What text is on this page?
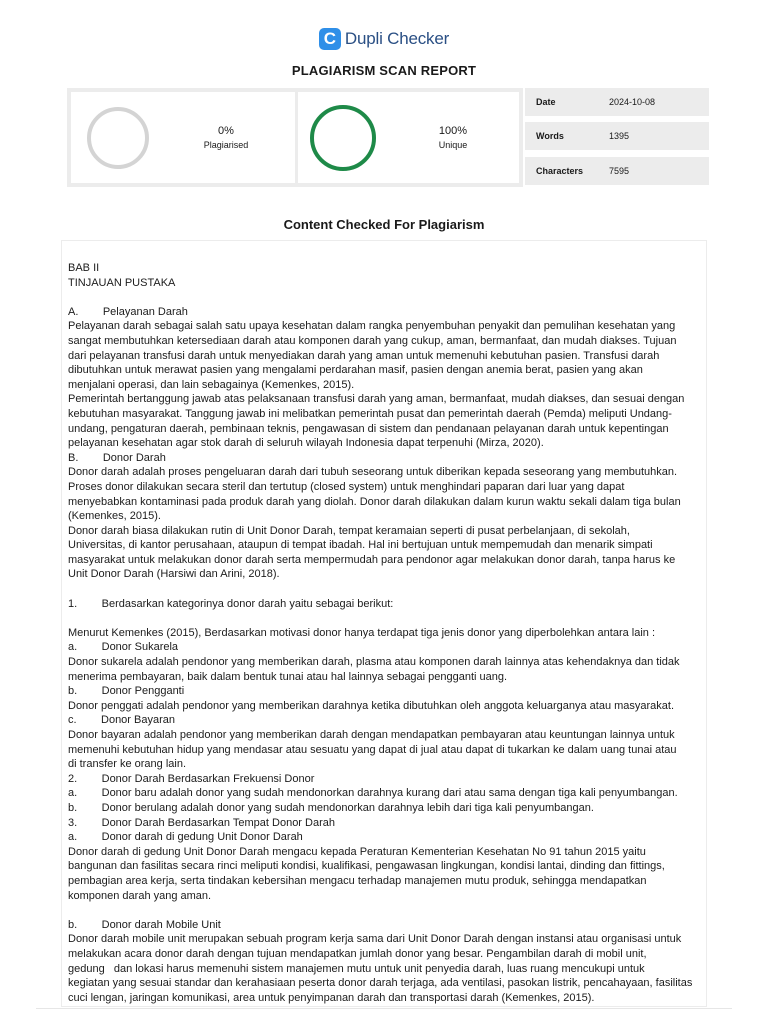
C Dupli Checker
PLAGIARISM SCAN REPORT
0%
Plagiarised
100%
Unique
Date	2024-10-08
Words	1395
Characters	7595
Content Checked For Plagiarism

BAB II

TINJAUAN PUSTAKA

A.        Pelayanan Darah

Pelayanan darah sebagai salah satu upaya kesehatan dalam rangka penyembuhan penyakit dan pemulihan kesehatan yang

sangat membutuhkan ketersediaan darah atau komponen darah yang cukup, aman, bermanfaat, dan mudah diakses. Tujuan

dari pelayanan transfusi darah untuk menyediakan darah yang aman untuk memenuhi kebutuhan pasien. Transfusi darah

dibutuhkan untuk merawat pasien yang mengalami perdarahan masif, pasien dengan anemia berat, pasien yang akan

menjalani operasi, dan lain sebagainya (Kemenkes, 2015).

Pemerintah bertanggung jawab atas pelaksanaan transfusi darah yang aman, bermanfaat, mudah diakses, dan sesuai dengan

kebutuhan masyarakat. Tanggung jawab ini melibatkan pemerintah pusat dan pemerintah daerah (Pemda) meliputi Undang-

undang, pengaturan daerah, pembinaan teknis, pengawasan di sistem dan pendanaan pelayanan darah untuk kepentingan

pelayanan kesehatan agar stok darah di seluruh wilayah Indonesia dapat terpenuhi (Mirza, 2020).

B.        Donor Darah

Donor darah adalah proses pengeluaran darah dari tubuh seseorang untuk diberikan kepada seseorang yang membutuhkan.

Proses donor dilakukan secara steril dan tertutup (closed system) untuk menghindari paparan dari luar yang dapat

menyebabkan kontaminasi pada produk darah yang diolah. Donor darah dilakukan dalam kurun waktu sekali dalam tiga bulan

(Kemenkes, 2015).

Donor darah biasa dilakukan rutin di Unit Donor Darah, tempat keramaian seperti di pusat perbelanjaan, di sekolah,

Universitas, di kantor perusahaan, ataupun di tempat ibadah. Hal ini bertujuan untuk mempemudah dan menarik simpati

masyarakat untuk melakukan donor darah serta mempermudah para pendonor agar melakukan donor darah, tanpa harus ke

Unit Donor Darah (Harsiwi dan Arini, 2018).

1.        Berdasarkan kategorinya donor darah yaitu sebagai berikut:

Menurut Kemenkes (2015), Berdasarkan motivasi donor hanya terdapat tiga jenis donor yang diperbolehkan antara lain :

a.        Donor Sukarela

Donor sukarela adalah pendonor yang memberikan darah, plasma atau komponen darah lainnya atas kehendaknya dan tidak

menerima pembayaran, baik dalam bentuk tunai atau hal lainnya sebagai pengganti uang.

b.        Donor Pengganti

Donor penggati adalah pendonor yang memberikan darahnya ketika dibutuhkan oleh anggota keluarganya atau masyarakat.

c.        Donor Bayaran

Donor bayaran adalah pendonor yang memberikan darah dengan mendapatkan pembayaran atau keuntungan lainnya untuk

memenuhi kebutuhan hidup yang mendasar atau sesuatu yang dapat di jual atau dapat di tukarkan ke dalam uang tunai atau

di transfer ke orang lain.

2.        Donor Darah Berdasarkan Frekuensi Donor

a.        Donor baru adalah donor yang sudah mendonorkan darahnya kurang dari atau sama dengan tiga kali penyumbangan.

b.        Donor berulang adalah donor yang sudah mendonorkan darahnya lebih dari tiga kali penyumbangan.

3.        Donor Darah Berdasarkan Tempat Donor Darah

a.        Donor darah di gedung Unit Donor Darah

Donor darah di gedung Unit Donor Darah mengacu kepada Peraturan Kementerian Kesehatan No 91 tahun 2015 yaitu

bangunan dan fasilitas secara rinci meliputi kondisi, kualifikasi, pengawasan lingkungan, kondisi lantai, dinding dan fittings,

pembagian area kerja, serta tindakan kebersihan mengacu terhadap manajemen mutu produk, sehingga mendapatkan

komponen darah yang aman.

b.        Donor darah Mobile Unit

Donor darah mobile unit merupakan sebuah program kerja sama dari Unit Donor Darah dengan instansi atau organisasi untuk

melakukan acara donor darah dengan tujuan mendapatkan jumlah donor yang besar. Pengambilan darah di mobil unit,

gedung   dan lokasi harus memenuhi sistem manajemen mutu untuk unit penyedia darah, luas ruang mencukupi untuk

kegiatan yang sesuai standar dan kerahasiaan peserta donor darah terjaga, ada ventilasi, pasokan listrik, pencahayaan, fasilitas

cuci lengan, jaringan komunikasi, area untuk penyimpanan darah dan transportasi darah (Kemenkes, 2015).
